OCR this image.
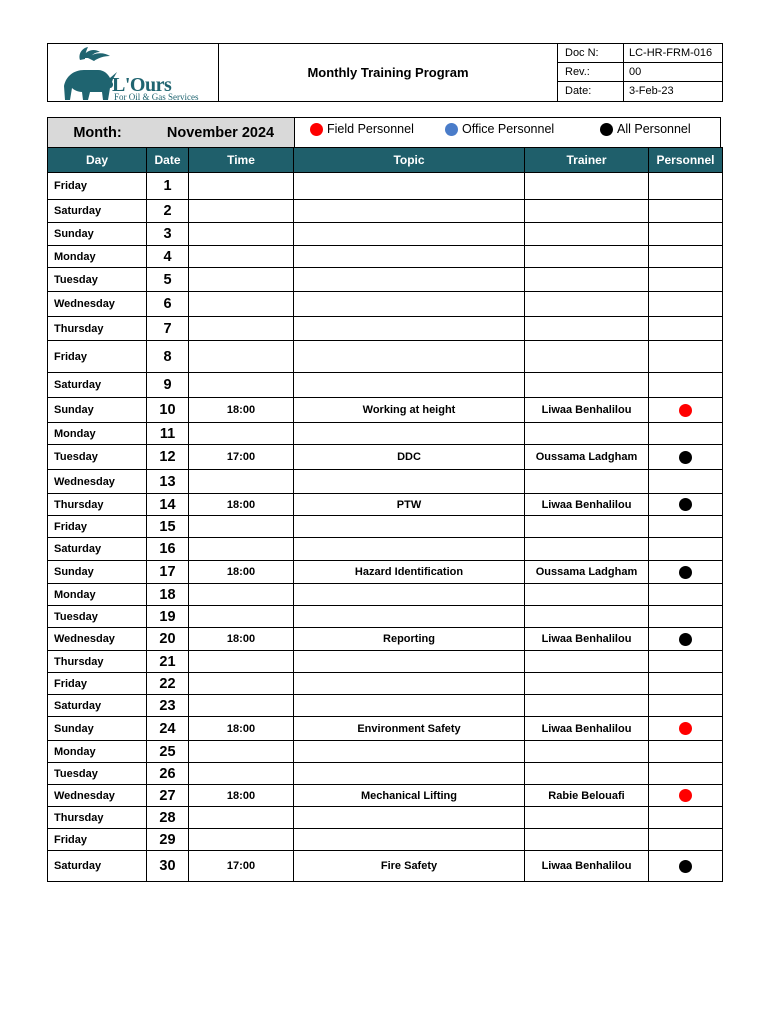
L'Ours
For Oil & Gas Services
Monthly Training Program
Doc N:	LC-HR-FRM-016
Rev.:	00
Date:	3-Feb-23
Month:	November 2024	Field Personnel	Office Personnel	All Personnel
Day	Date	Time	Topic	Trainer	Personnel
Friday	1				
Saturday	2				
Sunday	3				
Monday	4				
Tuesday	5				
Wednesday	6				
Thursday	7				
Friday	8				
Saturday	9				
Sunday	10	18:00	Working at height	Liwaa Benhalilou	
Monday	11				
Tuesday	12	17:00	DDC	Oussama Ladgham	
Wednesday	13				
Thursday	14	18:00	PTW	Liwaa Benhalilou	
Friday	15				
Saturday	16				
Sunday	17	18:00	Hazard Identification	Oussama Ladgham	
Monday	18				
Tuesday	19				
Wednesday	20	18:00	Reporting	Liwaa Benhalilou	
Thursday	21				
Friday	22				
Saturday	23				
Sunday	24	18:00	Environment Safety	Liwaa Benhalilou	
Monday	25				
Tuesday	26				
Wednesday	27	18:00	Mechanical Lifting	Rabie Belouafi	
Thursday	28				
Friday	29				
Saturday	30	17:00	Fire Safety	Liwaa Benhalilou	
